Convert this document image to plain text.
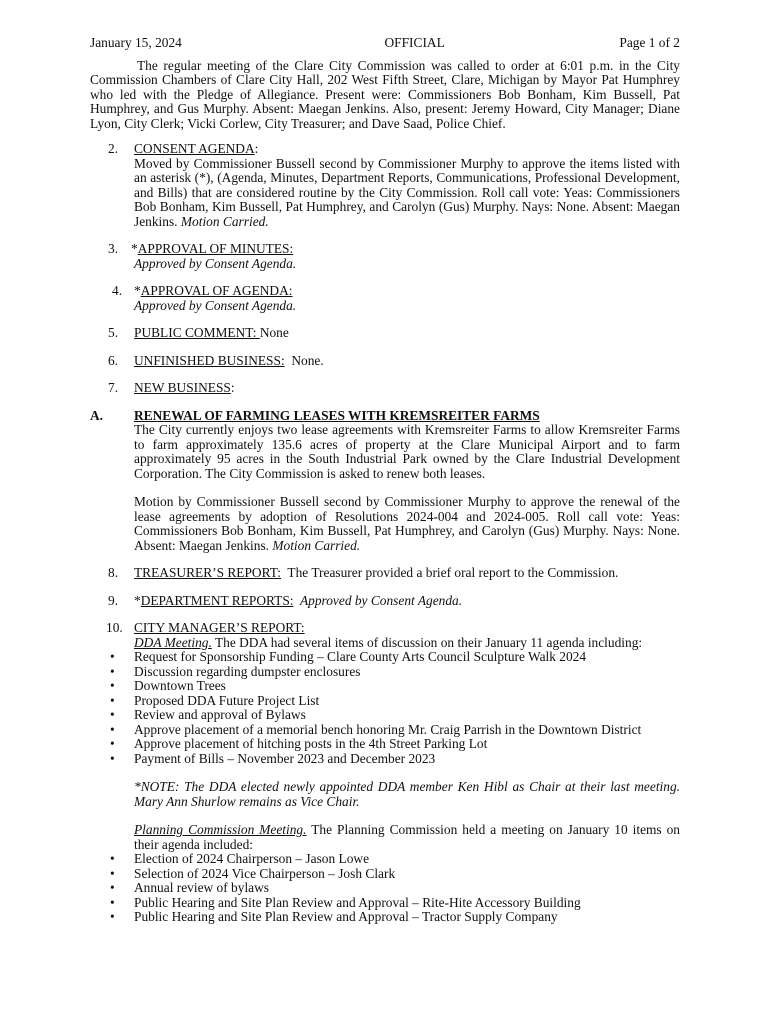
January 15, 2024	OFFICIAL	Page 1 of 2

The regular meeting of the Clare City Commission was called to order at 6:01 p.m. in the City Commission Chambers of Clare City Hall, 202 West Fifth Street, Clare, Michigan by Mayor Pat Humphrey who led with the Pledge of Allegiance. Present were: Commissioners Bob Bonham, Kim Bussell, Pat Humphrey, and Gus Murphy. Absent: Maegan Jenkins. Also, present: Jeremy Howard, City Manager; Diane Lyon, City Clerk; Vicki Corlew, City Treasurer; and Dave Saad, Police Chief.

2.	CONSENT AGENDA:

Moved by Commissioner Bussell second by Commissioner Murphy to approve the items listed with an asterisk (*), (Agenda, Minutes, Department Reports, Communications, Professional Development, and Bills) that are considered routine by the City Commission. Roll call vote: Yeas: Commissioners Bob Bonham, Kim Bussell, Pat Humphrey, and Carolyn (Gus) Murphy. Nays: None. Absent: Maegan Jenkins. Motion Carried.

3. *APPROVAL OF MINUTES:

Approved by Consent Agenda.

4. *APPROVAL OF AGENDA:

Approved by Consent Agenda.

5.	PUBLIC COMMENT: None

6.	UNFINISHED BUSINESS:  None.

7.	NEW BUSINESS:

A.	RENEWAL OF FARMING LEASES WITH KREMSREITER FARMS

The City currently enjoys two lease agreements with Kremsreiter Farms to allow Kremsreiter Farms to farm approximately 135.6 acres of property at the Clare Municipal Airport and to farm approximately 95 acres in the South Industrial Park owned by the Clare Industrial Development Corporation. The City Commission is asked to renew both leases.

Motion by Commissioner Bussell second by Commissioner Murphy to approve the renewal of the lease agreements by adoption of Resolutions 2024-004 and 2024-005. Roll call vote: Yeas: Commissioners Bob Bonham, Kim Bussell, Pat Humphrey, and Carolyn (Gus) Murphy. Nays: None. Absent: Maegan Jenkins. Motion Carried.

8.	TREASURER’S REPORT:  The Treasurer provided a brief oral report to the Commission.

9.	*DEPARTMENT REPORTS:  Approved by Consent Agenda.

10. CITY MANAGER’S REPORT:

DDA Meeting. The DDA had several items of discussion on their January 11 agenda including:

•	Request for Sponsorship Funding – Clare County Arts Council Sculpture Walk 2024
•	Discussion regarding dumpster enclosures
•	Downtown Trees
•	Proposed DDA Future Project List
•	Review and approval of Bylaws
•	Approve placement of a memorial bench honoring Mr. Craig Parrish in the Downtown District
•	Approve placement of hitching posts in the 4th Street Parking Lot
•	Payment of Bills – November 2023 and December 2023

*NOTE: The DDA elected newly appointed DDA member Ken Hibl as Chair at their last meeting. Mary Ann Shurlow remains as Vice Chair.

Planning Commission Meeting. The Planning Commission held a meeting on January 10 items on their agenda included:

•	Election of 2024 Chairperson – Jason Lowe
•	Selection of 2024 Vice Chairperson – Josh Clark
•	Annual review of bylaws
•	Public Hearing and Site Plan Review and Approval – Rite-Hite Accessory Building
•	Public Hearing and Site Plan Review and Approval – Tractor Supply Company
